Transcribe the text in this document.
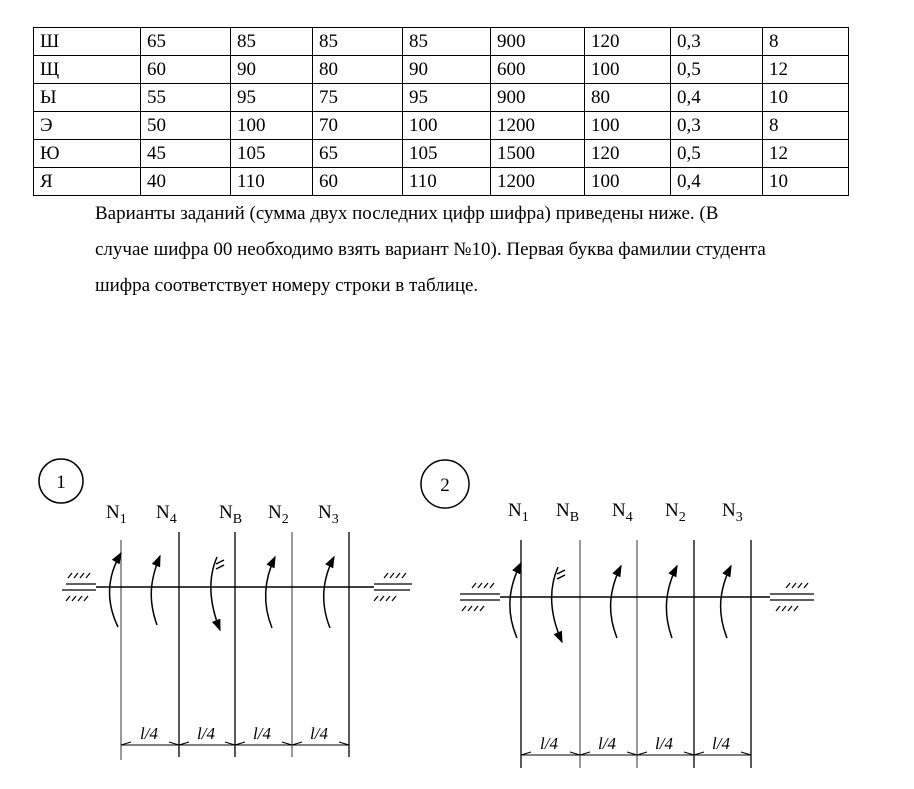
Ш	65	85	85	85	900	120	0,3	8
Щ	60	90	80	90	600	100	0,5	12
Ы	55	95	75	95	900	80	0,4	10
Э	50	100	70	100	1200	100	0,3	8
Ю	45	105	65	105	1500	120	0,5	12
Я	40	110	60	110	1200	100	0,4	10
Варианты заданий (сумма двух последних цифр шифра) приведены ниже. (В
случае шифра 00 необходимо взять вариант №10). Первая буква фамилии студента
шифра соответствует номеру строки в таблице.
1
$N_1$ $N_4$ $N_B$ $N_2$ $N_3$
l/4 l/4 l/4 l/4
2
$N_1$ $N_B$ $N_4$ $N_2$ $N_3$
l/4 l/4 l/4 l/4
